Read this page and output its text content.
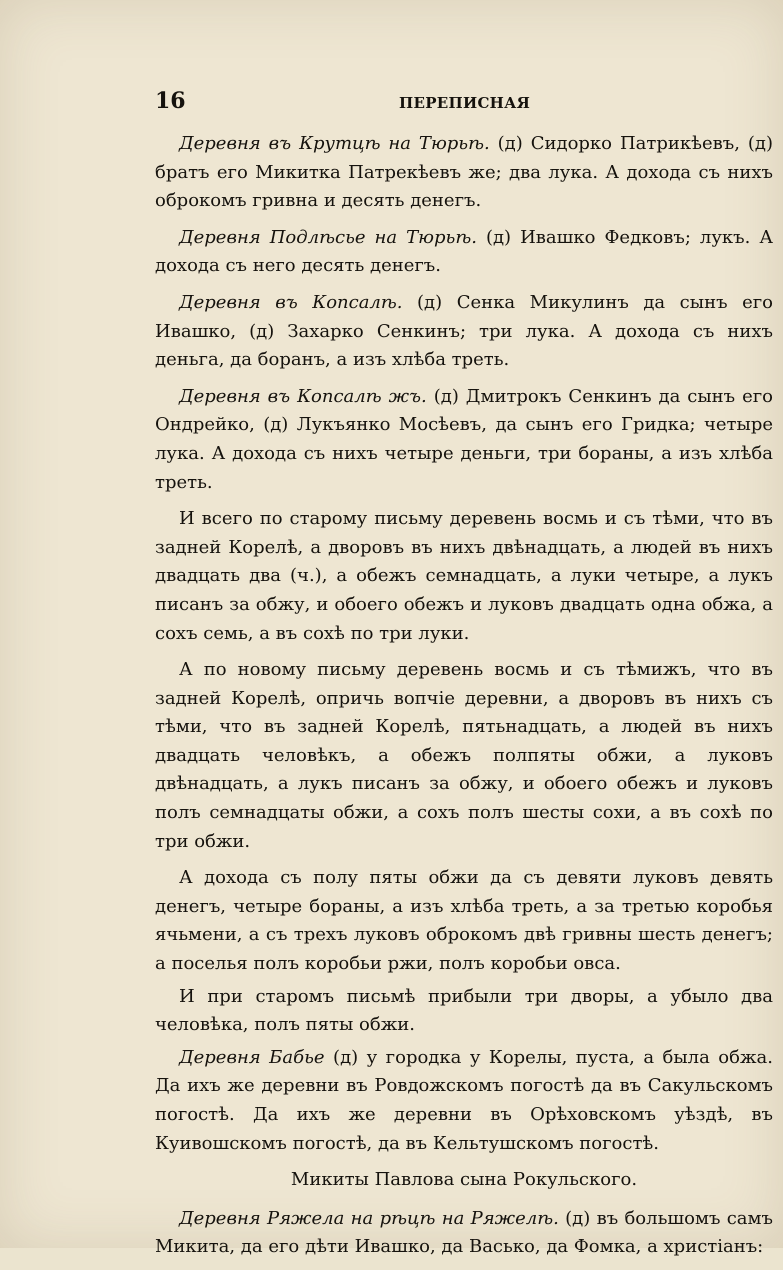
16	ПЕРЕПИСНАЯ

Деревня въ Крутцѣ на Тюрьѣ. (д) Сидорко Патрикѣевъ, (д) братъ его Микитка Патрекѣевъ же; два лука. А дохода съ нихъ оброкомъ гривна и десять денегъ.

Деревня Подлѣсье на Тюрьѣ. (д) Ивашко Федковъ; лукъ. А дохода съ него десять денегъ.

Деревня въ Копсалѣ. (д) Сенка Микулинъ да сынъ его Ивашко, (д) Захарко Сенкинъ; три лука. А дохода съ нихъ деньга, да боранъ, а изъ хлѣба треть.

Деревня въ Копсалѣ жъ. (д) Дмитрокъ Сенкинъ да сынъ его Ондрейко, (д) Лукъянко Мосѣевъ, да сынъ его Гридка; четыре лука. А дохода съ нихъ четыре деньги, три бораны, а изъ хлѣба треть.

И всего по старому письму деревень восмь и съ тѣми, что въ задней Корелѣ, а дворовъ въ нихъ двѣнадцать, а людей въ нихъ двадцать два (ч.), а обежъ семнадцать, а луки четыре, а лукъ писанъ за обжу, и обоего обежъ и луковъ двадцать одна обжа, а сохъ семь, а въ сохѣ по три луки.

А по новому письму деревень восмь и съ тѣмижъ, что въ задней Корелѣ, опричь вопчіе деревни, а дворовъ въ нихъ съ тѣми, что въ задней Корелѣ, пятьнадцать, а людей въ нихъ двадцать человѣкъ, а обежъ полпяты обжи, а луковъ двѣнадцать, а лукъ писанъ за обжу, и обоего обежъ и луковъ полъ семнадцаты обжи, а сохъ полъ шесты сохи, а въ сохѣ по три обжи.

А дохода съ полу пяты обжи да съ девяти луковъ девять денегъ, четыре бораны, а изъ хлѣба треть, а за третью коробья ячьмени, а съ трехъ луковъ оброкомъ двѣ гривны шесть денегъ; а поселья полъ коробьи ржи, полъ коробьи овса.

И при старомъ письмѣ прибыли три дворы, а убыло два человѣка, полъ пяты обжи.

Деревня Бабье (д) у городка у Корелы, пуста, а была обжа. Да ихъ же деревни въ Ровдожскомъ погостѣ да въ Сакульскомъ погостѣ. Да ихъ же деревни въ Орѣховскомъ уѣздѣ, въ Куивошскомъ погостѣ, да въ Кельтушскомъ погостѣ.

Микиты Павлова сына Рокульского.

Деревня Ряжела на рѣцѣ на Ряжелѣ. (д) въ большомъ самъ Микита, да его дѣти Ивашко, да Васько, да Фомка, а христіанъ:
